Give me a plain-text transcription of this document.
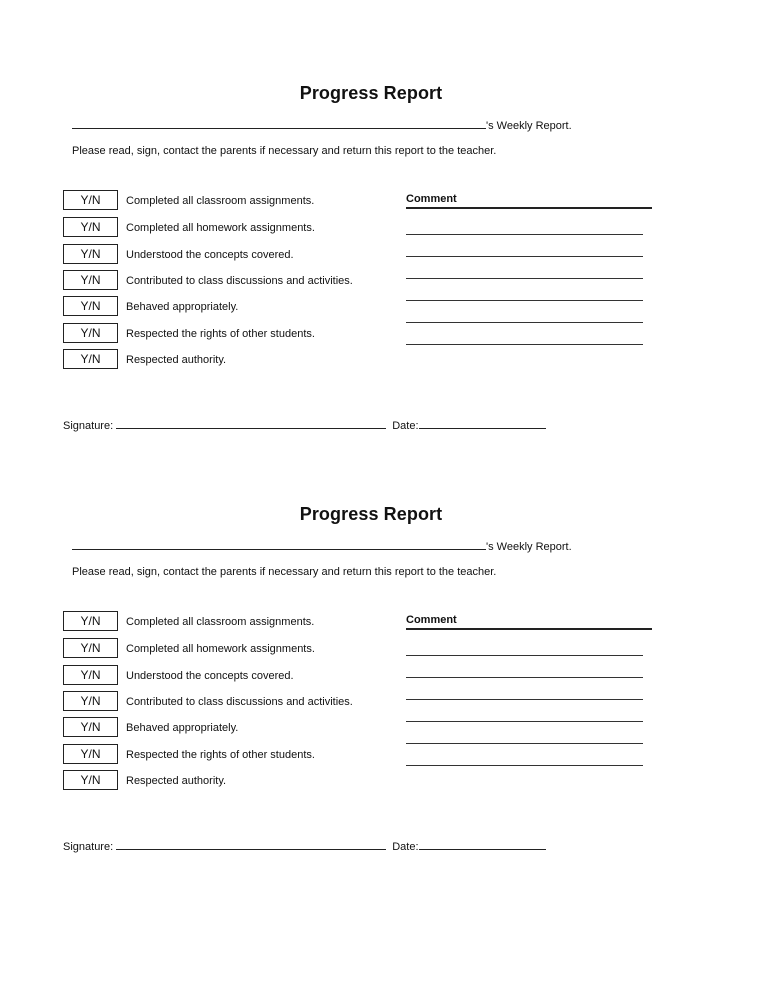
Progress Report
's Weekly Report.
Please read, sign, contact the parents if necessary and return this report to the teacher.
Y/N	Completed all classroom assignments.
Y/N	Completed all homework assignments.
Y/N	Understood the concepts covered.
Y/N	Contributed to class discussions and activities.
Y/N	Behaved appropriately.
Y/N	Respected the rights of other students.
Y/N	Respected authority.
Comment
Signature:	Date:
Progress Report
's Weekly Report.
Please read, sign, contact the parents if necessary and return this report to the teacher.
Y/N	Completed all classroom assignments.
Y/N	Completed all homework assignments.
Y/N	Understood the concepts covered.
Y/N	Contributed to class discussions and activities.
Y/N	Behaved appropriately.
Y/N	Respected the rights of other students.
Y/N	Respected authority.
Comment
Signature:	Date:
